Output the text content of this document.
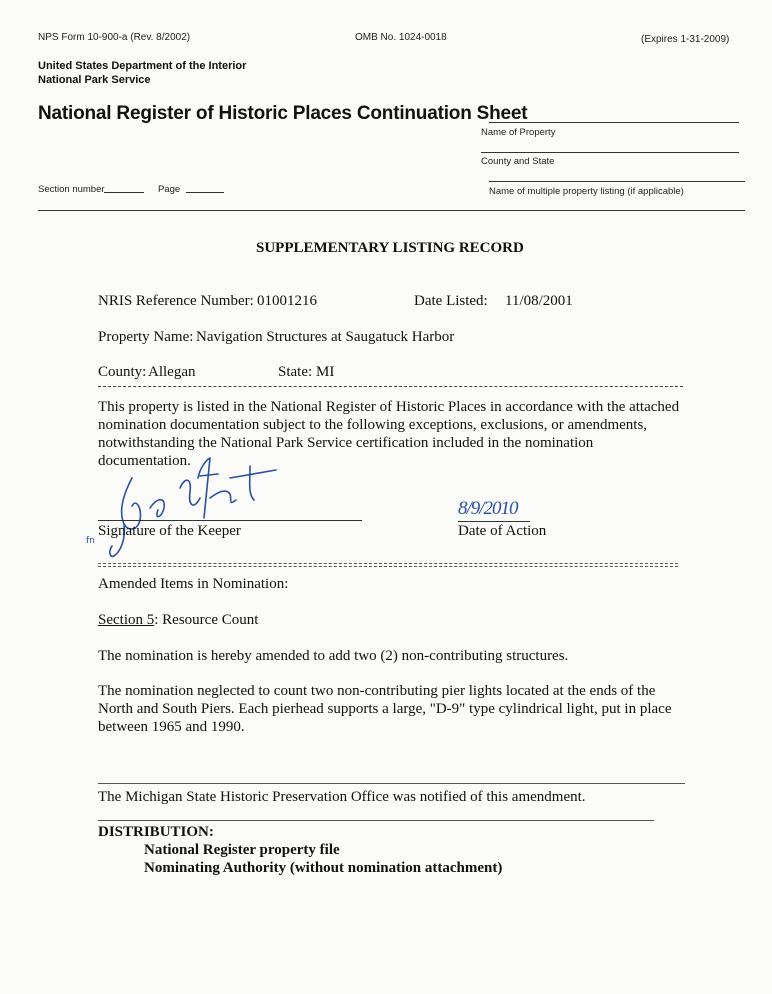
NPS Form 10-900-a (Rev. 8/2002)	OMB No. 1024-0018	(Expires 1-31-2009)
United States Department of the Interior
National Park Service
National Register of Historic Places Continuation Sheet
Name of Property
County and State
Name of multiple property listing (if applicable)
Section number	Page
SUPPLEMENTARY LISTING RECORD
NRIS Reference Number: 01001216	Date Listed: 11/08/2001
Property Name: Navigation Structures at Saugatuck Harbor
County: Allegan	State: MI
This property is listed in the National Register of Historic Places in accordance with the attached nomination documentation subject to the following exceptions, exclusions, or amendments, notwithstanding the National Park Service certification included in the nomination documentation.
fn
Signature of the Keeper
8/9/2010
Date of Action
Amended Items in Nomination:
Section 5: Resource Count
The nomination is hereby amended to add two (2) non-contributing structures.
The nomination neglected to count two non-contributing pier lights located at the ends of the North and South Piers. Each pierhead supports a large, "D-9" type cylindrical light, put in place between 1965 and 1990.
The Michigan State Historic Preservation Office was notified of this amendment.
DISTRIBUTION:
National Register property file
Nominating Authority (without nomination attachment)
